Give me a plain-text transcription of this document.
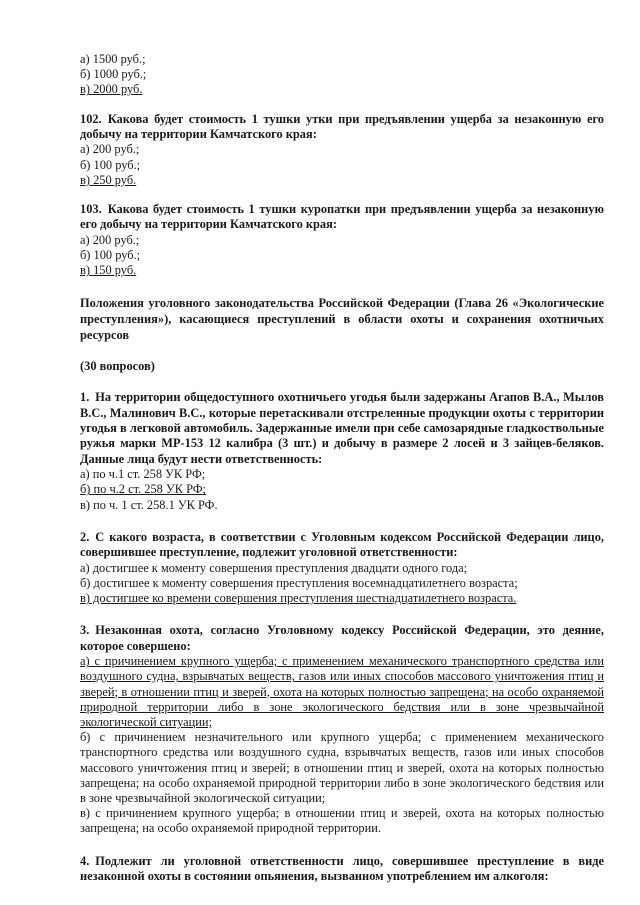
а) 1500 руб.;
б) 1000 руб.;
в) 2000 руб.
102. Какова будет стоимость 1 тушки утки при предъявлении ущерба за незаконную его добычу на территории Камчатского края:
а) 200 руб.;
б) 100 руб.;
в) 250 руб.
103. Какова будет стоимость 1 тушки куропатки при предъявлении ущерба за незаконную его добычу на территории Камчатского края:
а) 200 руб.;
б) 100 руб.;
в) 150 руб.
Положения уголовного законодательства Российской Федерации (Глава 26 «Экологические преступления»), касающиеся преступлений в области охоты и сохранения охотничьих ресурсов
(30 вопросов)
1. На территории общедоступного охотничьего угодья были задержаны Агапов В.А., Мылов В.С., Малинович В.С., которые перетаскивали отстреленные продукции охоты с территории угодья в легковой автомобиль. Задержанные имели при себе самозарядные гладкоствольные ружья марки МР-153 12 калибра (3 шт.) и добычу в размере 2 лосей и 3 зайцев-беляков. Данные лица будут нести ответственность:
а) по ч.1 ст. 258 УК РФ;
б) по ч.2 ст. 258 УК РФ;
в) по ч. 1 ст. 258.1 УК РФ.
2. С какого возраста, в соответствии с Уголовным кодексом Российской Федерации лицо, совершившее преступление, подлежит уголовной ответственности:
а) достигшее к моменту совершения преступления двадцати одного года;
б) достигшее к моменту совершения преступления восемнадцатилетнего возраста;
в) достигшее ко времени совершения преступления шестнадцатилетнего возраста.
3. Незаконная охота, согласно Уголовному кодексу Российской Федерации, это деяние, которое совершено:
а) с причинением крупного ущерба; с применением механического транспортного средства или воздушного судна, взрывчатых веществ, газов или иных способов массового уничтожения птиц и зверей; в отношении птиц и зверей, охота на которых полностью запрещена; на особо охраняемой природной территории либо в зоне экологического бедствия или в зоне чрезвычайной экологической ситуации;
б) с причинением незначительного или крупного ущерба; с применением механического транспортного средства или воздушного судна, взрывчатых веществ, газов или иных способов массового уничтожения птиц и зверей; в отношении птиц и зверей, охота на которых полностью запрещена; на особо охраняемой природной территории либо в зоне экологического бедствия или в зоне чрезвычайной экологической ситуации;
в) с причинением крупного ущерба; в отношении птиц и зверей, охота на которых полностью запрещена; на особо охраняемой природной территории.
4. Подлежит ли уголовной ответственности лицо, совершившее преступление в виде незаконной охоты в состоянии опьянения, вызванном употреблением им алкоголя:
